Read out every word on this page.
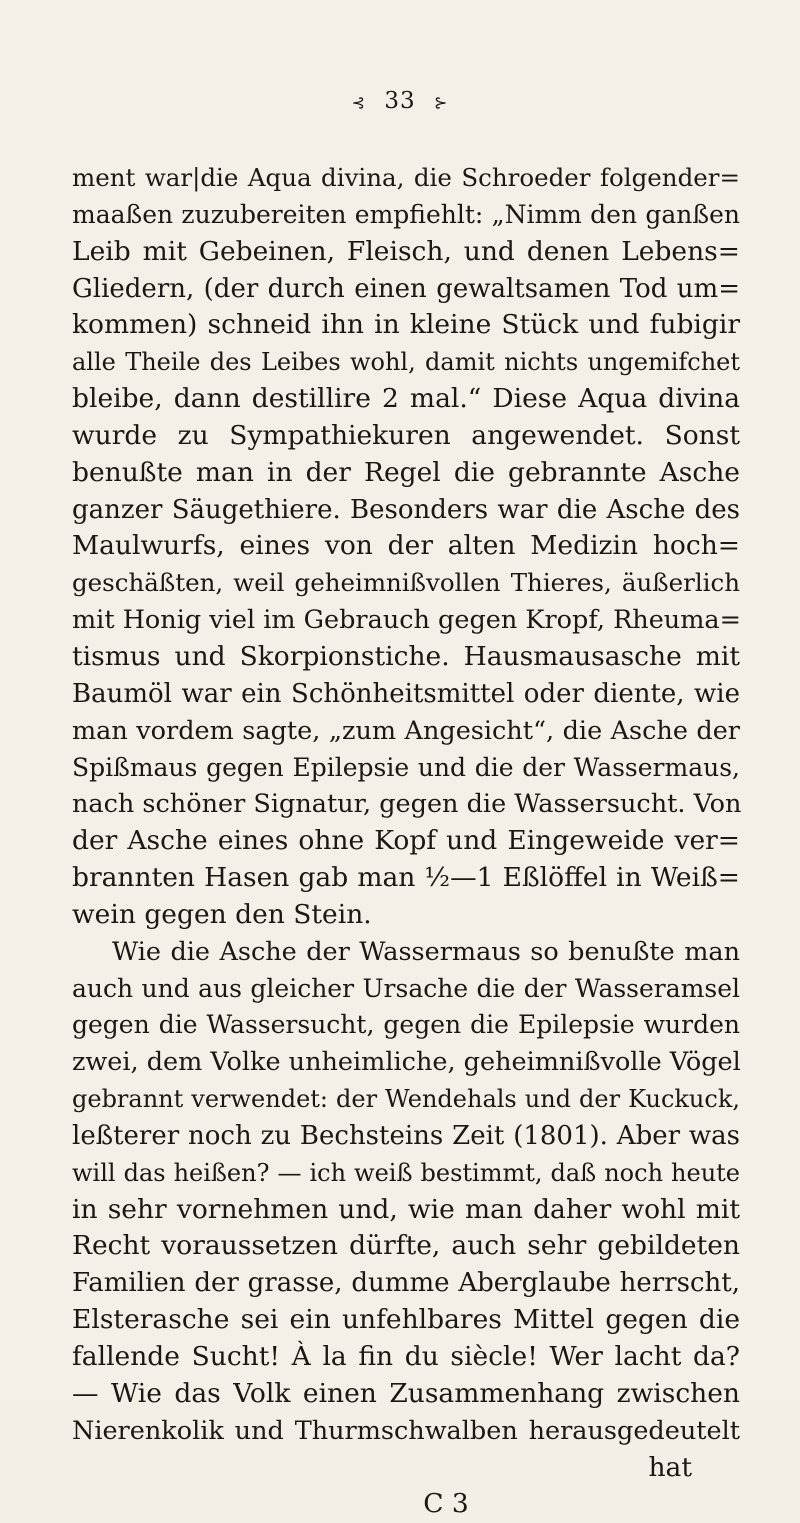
⊰ 33 ⊱
ment war|die Aqua divina, die Schroeder folgender=
maaßen zuzubereiten empfiehlt: „Nimm den ganßen
Leib mit Gebeinen, Fleisch, und denen Lebens=
Gliedern, (der durch einen gewaltsamen Tod um=
kommen) schneid ihn in kleine Stück und fubigir
alle Theile des Leibes wohl, damit nichts ungemifchet
bleibe, dann destillire 2 mal.“ Diese Aqua divina
wurde zu Sympathiekuren angewendet. Sonst
benußte man in der Regel die gebrannte Asche
ganzer Säugethiere. Besonders war die Asche des
Maulwurfs, eines von der alten Medizin hoch=
geschäßten, weil geheimnißvollen Thieres, äußerlich
mit Honig viel im Gebrauch gegen Kropf, Rheuma=
tismus und Skorpionstiche. Hausmausasche mit
Baumöl war ein Schönheitsmittel oder diente, wie
man vordem sagte, „zum Angesicht“, die Asche der
Spißmaus gegen Epilepsie und die der Wassermaus,
nach schöner Signatur, gegen die Wassersucht. Von
der Asche eines ohne Kopf und Eingeweide ver=
brannten Hasen gab man ½—1 Eßlöffel in Weiß=
wein gegen den Stein.
Wie die Asche der Wassermaus so benußte man
auch und aus gleicher Ursache die der Wasseramsel
gegen die Wassersucht, gegen die Epilepsie wurden
zwei, dem Volke unheimliche, geheimnißvolle Vögel
gebrannt verwendet: der Wendehals und der Kuckuck,
leßterer noch zu Bechsteins Zeit (1801). Aber was
will das heißen? — ich weiß bestimmt, daß noch heute
in sehr vornehmen und, wie man daher wohl mit
Recht voraussetzen dürfte, auch sehr gebildeten
Familien der grasse, dumme Aberglaube herrscht,
Elsterasche sei ein unfehlbares Mittel gegen die
fallende Sucht! À la fin du siècle! Wer lacht da?
— Wie das Volk einen Zusammenhang zwischen
Nierenkolik und Thurmschwalben herausgedeutelt
hat
C 3
